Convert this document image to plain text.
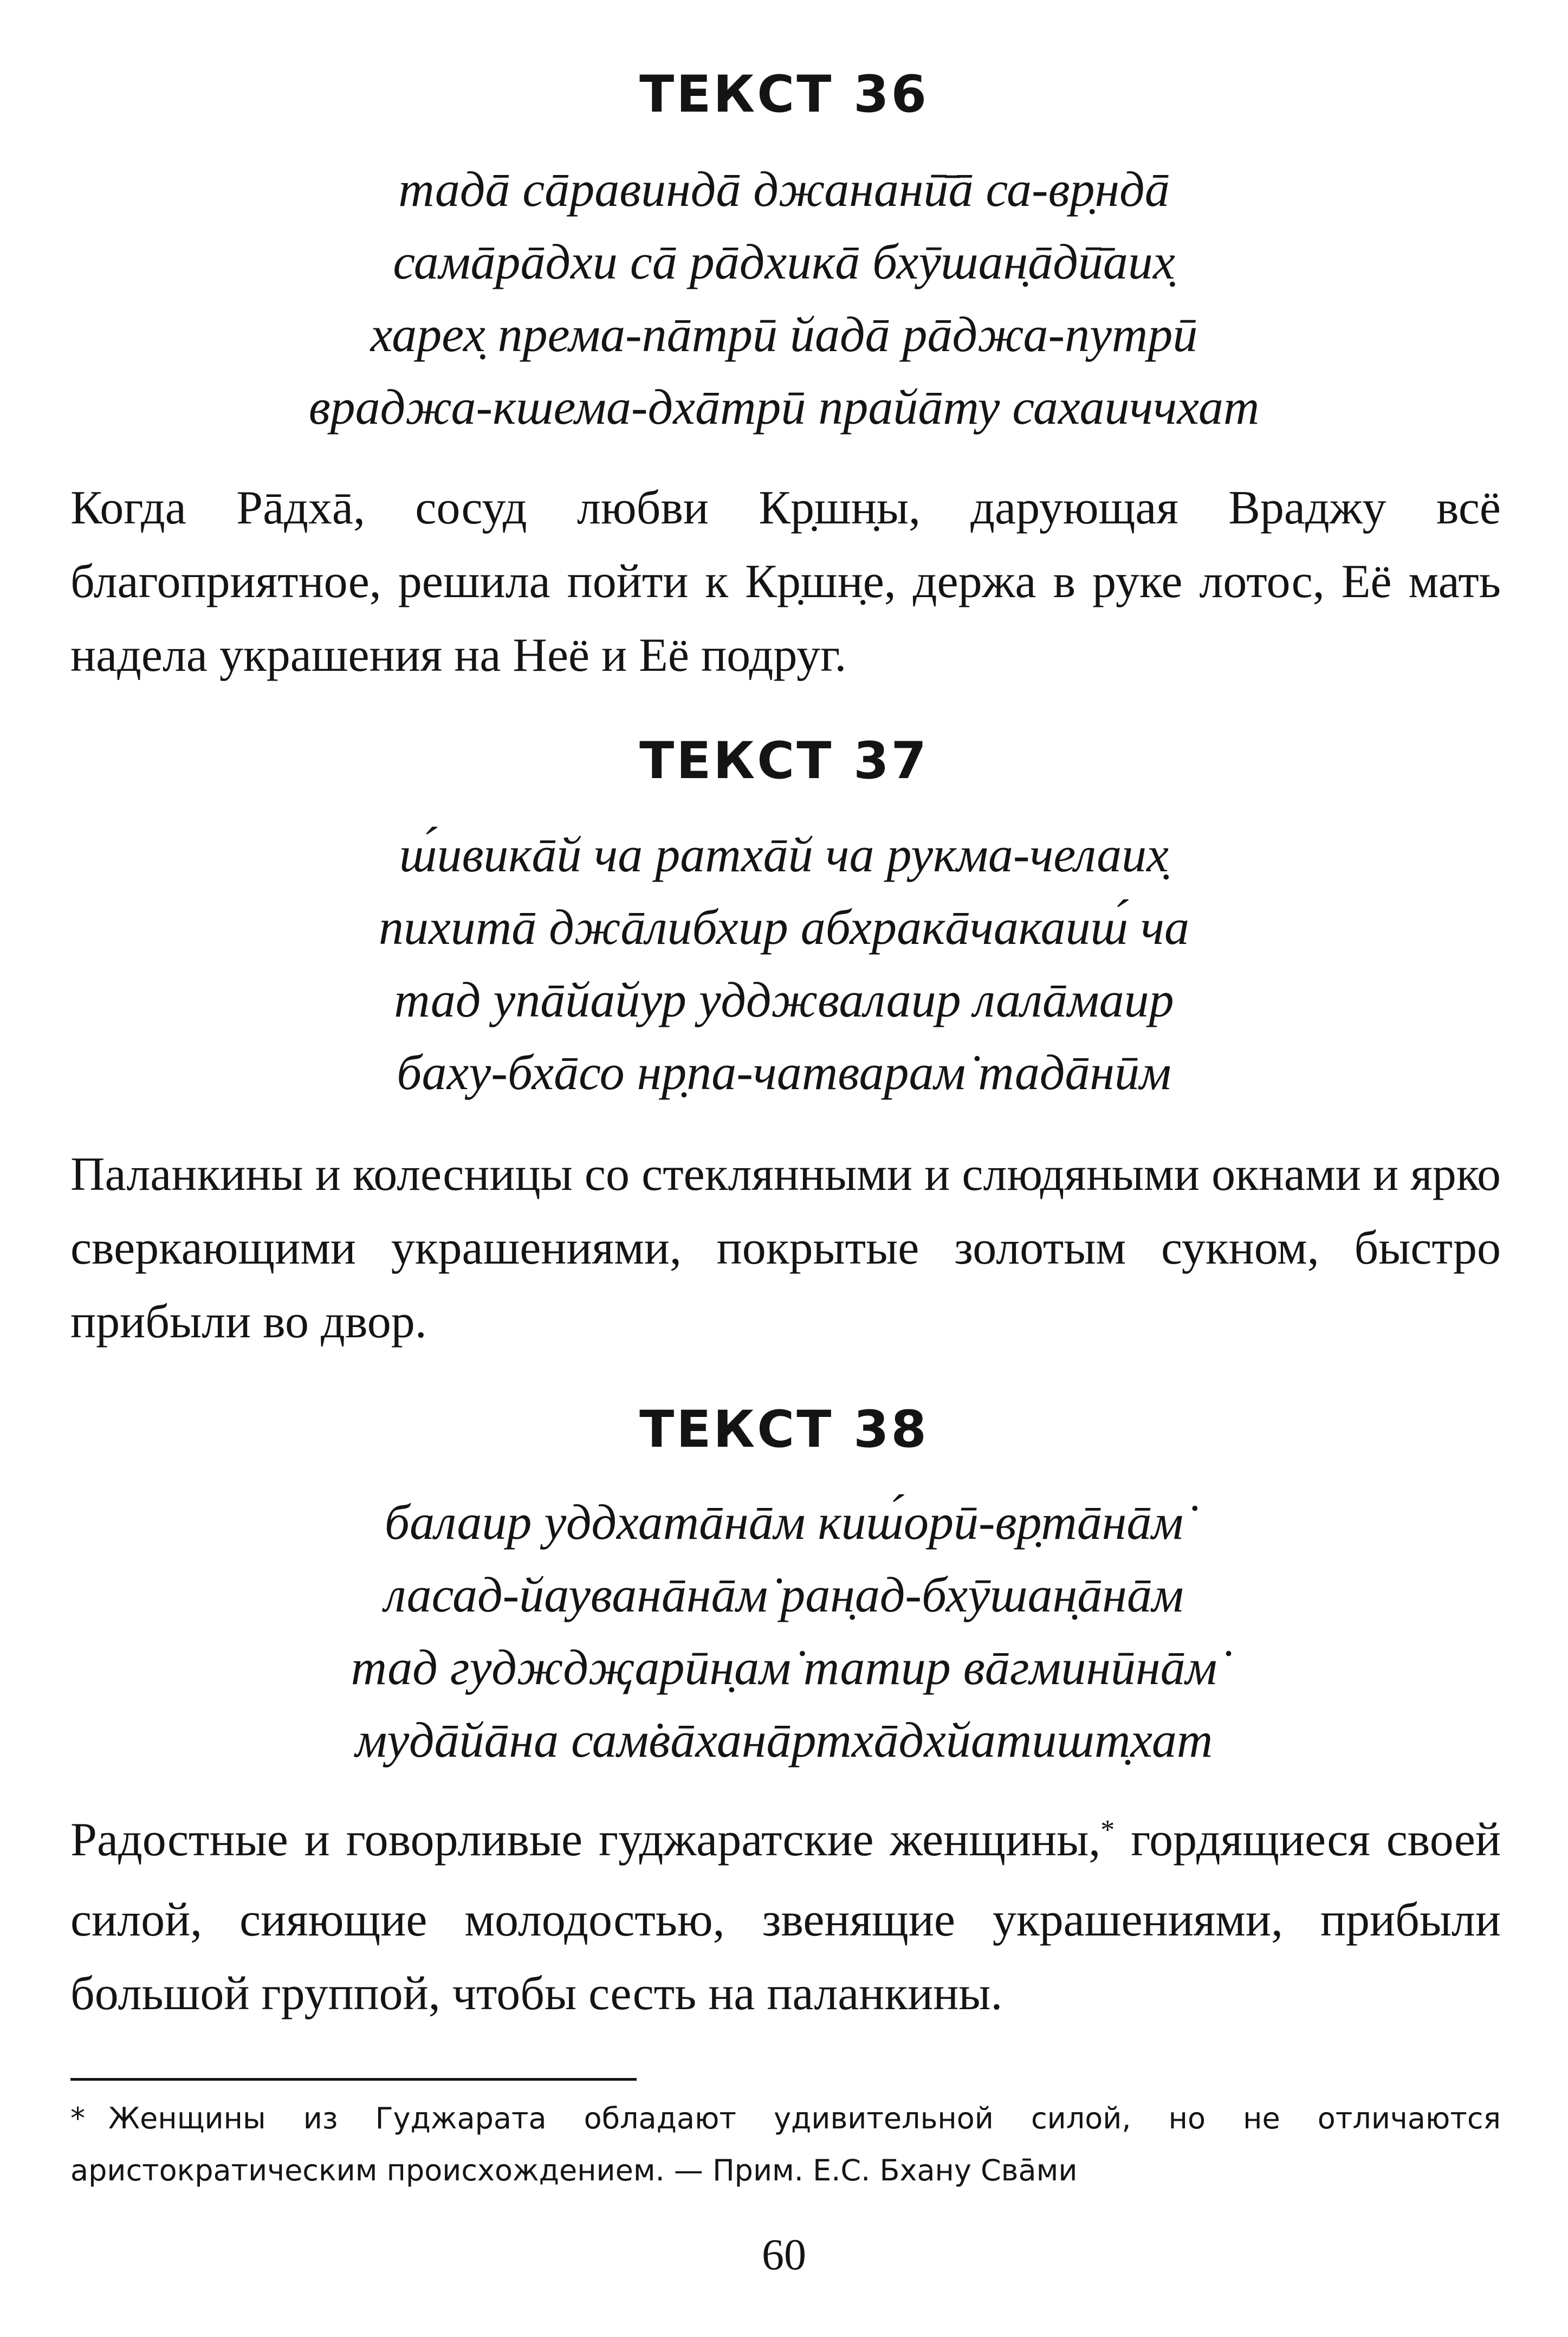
ТЕКСТ 36
тадā сāравиндā джананӣ̄ā са-вр̣ндā
самāрāдхи сā рāдхикā бхӯшан̣āдӣ̄аих̣
харех̣ према-пāтрӣ йадā рāджа-путрӣ
враджа-кшема-дхāтрӣ прайāту сахаиччхат

Когда Рāдхā, сосуд любви Кр̣шн̣ы, дарующая Враджу всё благоприятное, решила пойти к Кр̣шн̣е, держа в руке лотос, Её мать надела украшения на Неё и Её подруг.

ТЕКСТ 37
ш́ивикāй ча ратхāй ча рукма-челаих̣
пихитā джāлибхир абхракāчакаиш́ ча
тад упāйайур удджвалаир лалāмаир
баху-бхāсо нр̣па-чатварам̇ тадāнӣм

Паланкины и колесницы со стеклянными и слюдяными окнами и ярко сверкающими украшениями, покрытые золотым сукном, быстро прибыли во двор.

ТЕКСТ 38
балаир уддхатāнāм киш́орӣ-вр̣тāнāм̇
ласад-йауванāнāм̇ ран̣ад-бхӯшан̣āнāм
тад гудждҗарӣн̣ам̇ татир вāгминӣнāм̇
мудāйāна сам̇вāханāртхāдхйатишт̣хат

Радостные и говорливые гуджаратские женщины,* гордящиеся своей силой, сияющие молодостью, звенящие украшениями, прибыли большой группой, чтобы сесть на паланкины.

* Женщины из Гуджарата обладают удивительной силой, но не отличаются аристократическим происхождением. — Прим. Е.С. Бхану Свāми

60
